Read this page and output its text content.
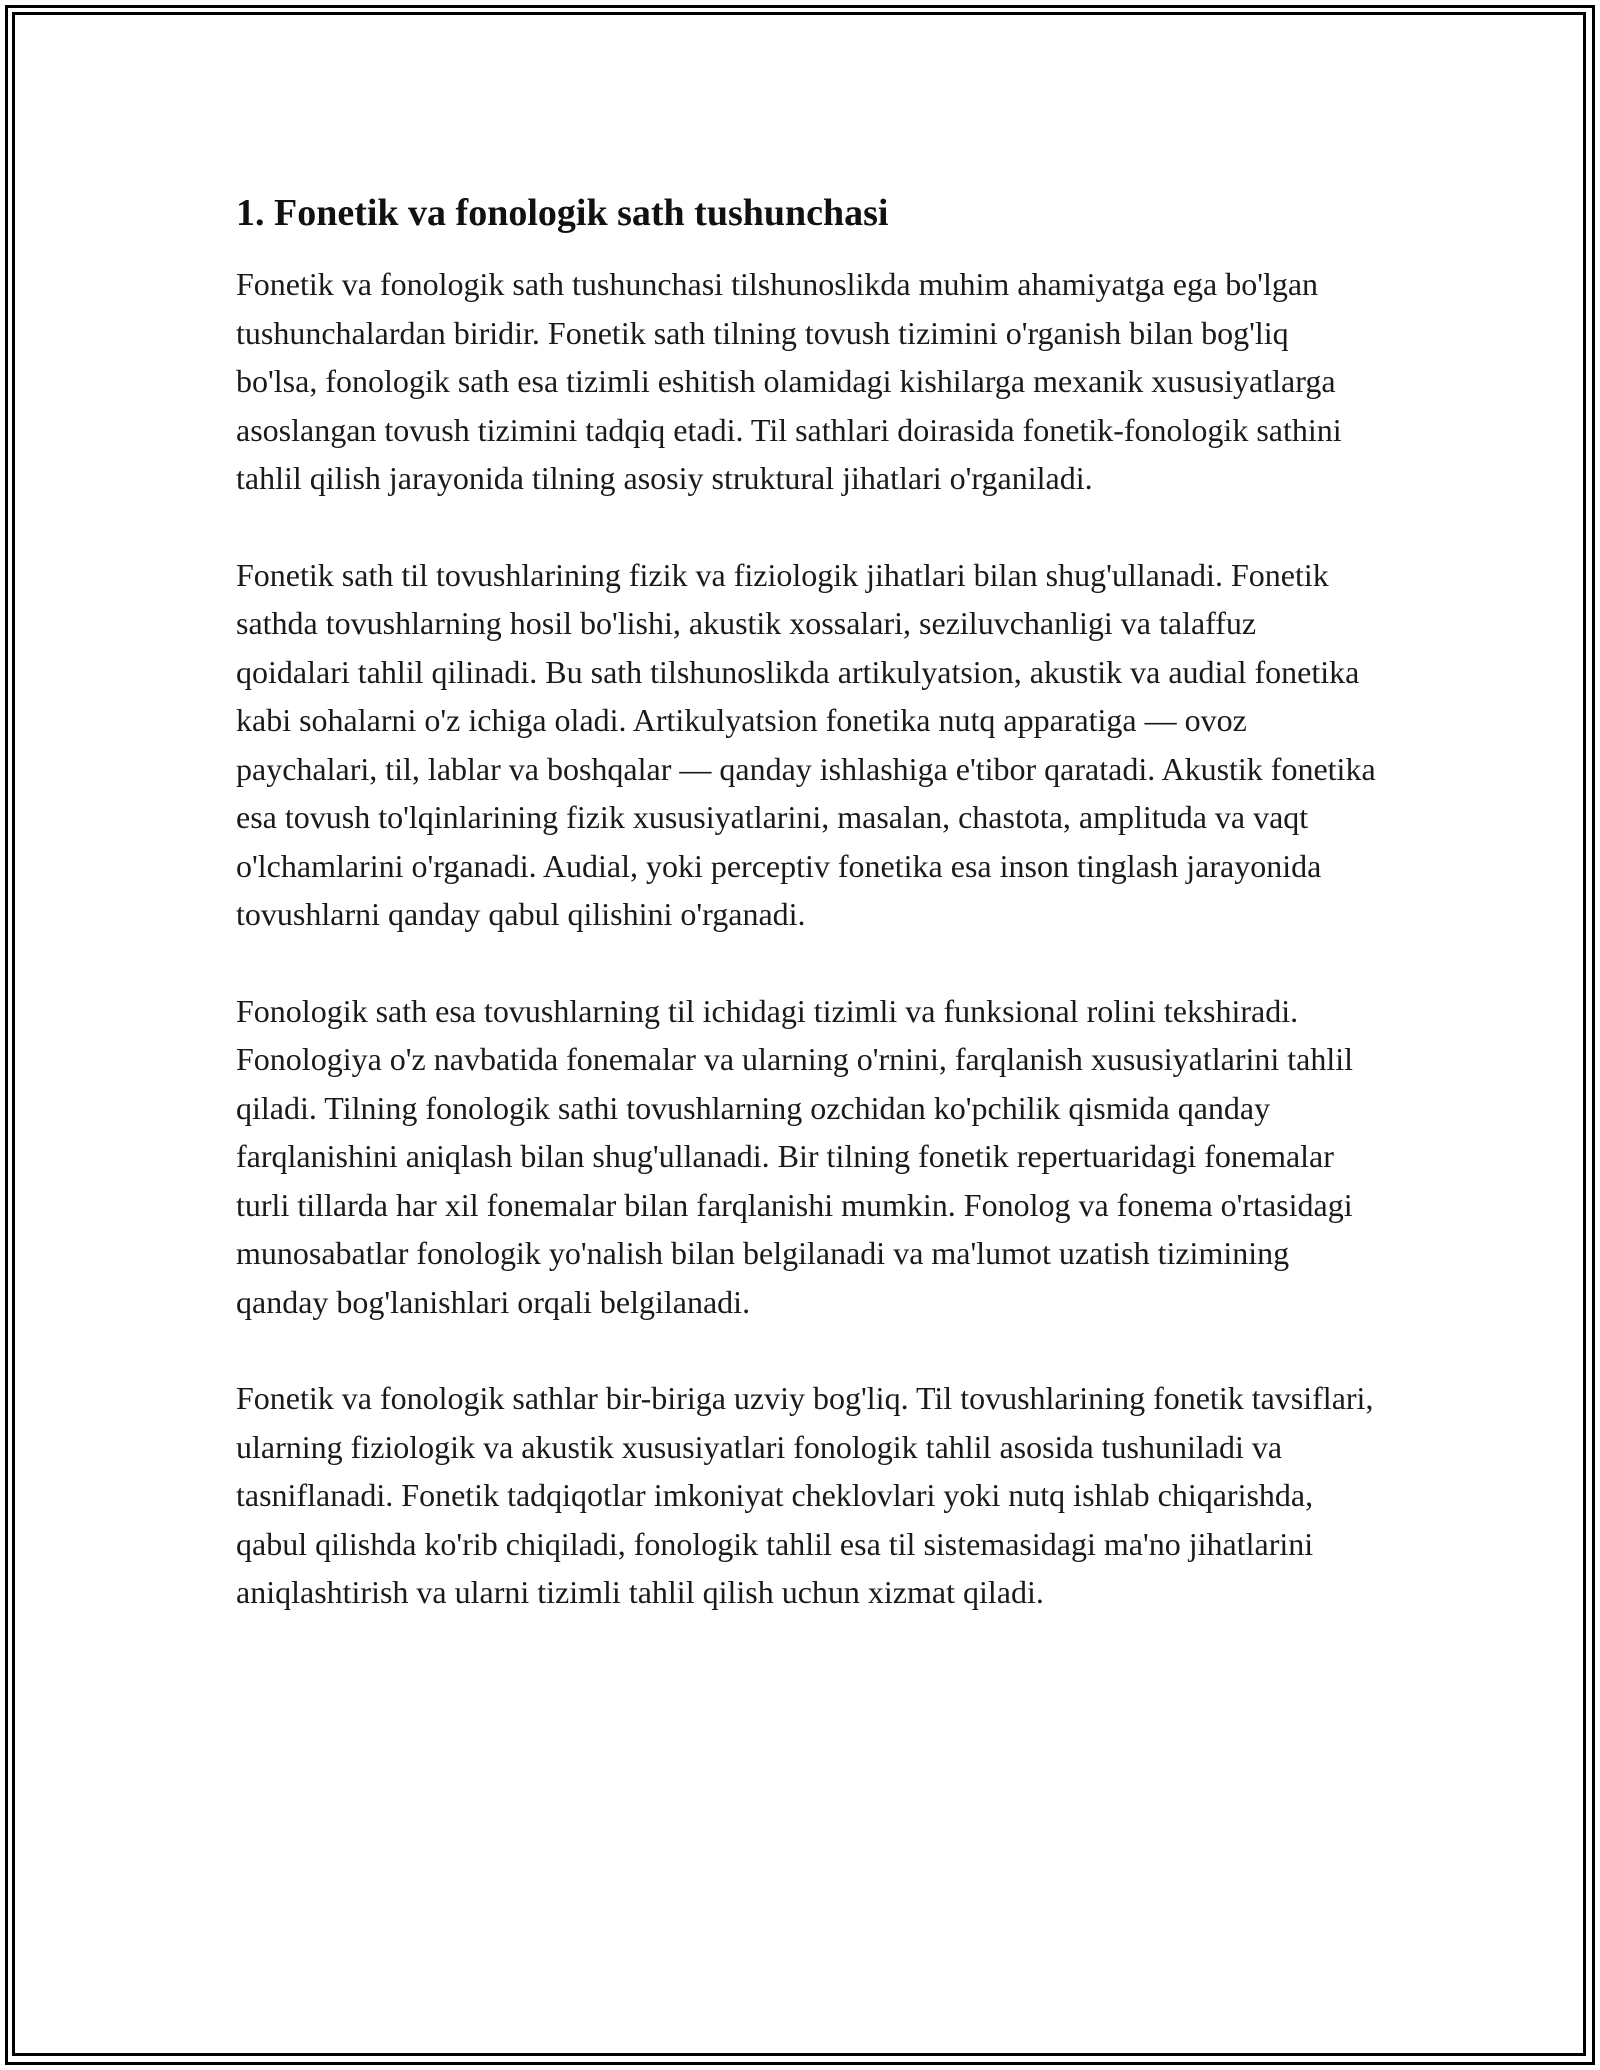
1. Fonetik va fonologik sath tushunchasi

Fonetik va fonologik sath tushunchasi tilshunoslikda muhim ahamiyatga ega bo'lgan tushunchalardan biridir. Fonetik sath tilning tovush tizimini o'rganish bilan bog'liq bo'lsa, fonologik sath esa tizimli eshitish olamidagi kishilarga mexanik xususiyatlarga asoslangan tovush tizimini tadqiq etadi. Til sathlari doirasida fonetik-fonologik sathini tahlil qilish jarayonida tilning asosiy struktural jihatlari o'rganiladi.

Fonetik sath til tovushlarining fizik va fiziologik jihatlari bilan shug'ullanadi. Fonetik sathda tovushlarning hosil bo'lishi, akustik xossalari, seziluvchanligi va talaffuz qoidalari tahlil qilinadi. Bu sath tilshunoslikda artikulyatsion, akustik va audial fonetika kabi sohalarni o'z ichiga oladi. Artikulyatsion fonetika nutq apparatiga — ovoz paychalari, til, lablar va boshqalar — qanday ishlashiga e'tibor qaratadi. Akustik fonetika esa tovush to'lqinlarining fizik xususiyatlarini, masalan, chastota, amplituda va vaqt o'lchamlarini o'rganadi. Audial, yoki perceptiv fonetika esa inson tinglash jarayonida tovushlarni qanday qabul qilishini o'rganadi.

Fonologik sath esa tovushlarning til ichidagi tizimli va funksional rolini tekshiradi. Fonologiya o'z navbatida fonemalar va ularning o'rnini, farqlanish xususiyatlarini tahlil qiladi. Tilning fonologik sathi tovushlarning ozchidan ko'pchilik qismida qanday farqlanishini aniqlash bilan shug'ullanadi. Bir tilning fonetik repertuaridagi fonemalar turli tillarda har xil fonemalar bilan farqlanishi mumkin. Fonolog va fonema o'rtasidagi munosabatlar fonologik yo'nalish bilan belgilanadi va ma'lumot uzatish tizimining qanday bog'lanishlari orqali belgilanadi.

Fonetik va fonologik sathlar bir-biriga uzviy bog'liq. Til tovushlarining fonetik tavsiflari, ularning fiziologik va akustik xususiyatlari fonologik tahlil asosida tushuniladi va tasniflanadi. Fonetik tadqiqotlar imkoniyat cheklovlari yoki nutq ishlab chiqarishda, qabul qilishda ko'rib chiqiladi, fonologik tahlil esa til sistemasidagi ma'no jihatlarini aniqlashtirish va ularni tizimli tahlil qilish uchun xizmat qiladi.
